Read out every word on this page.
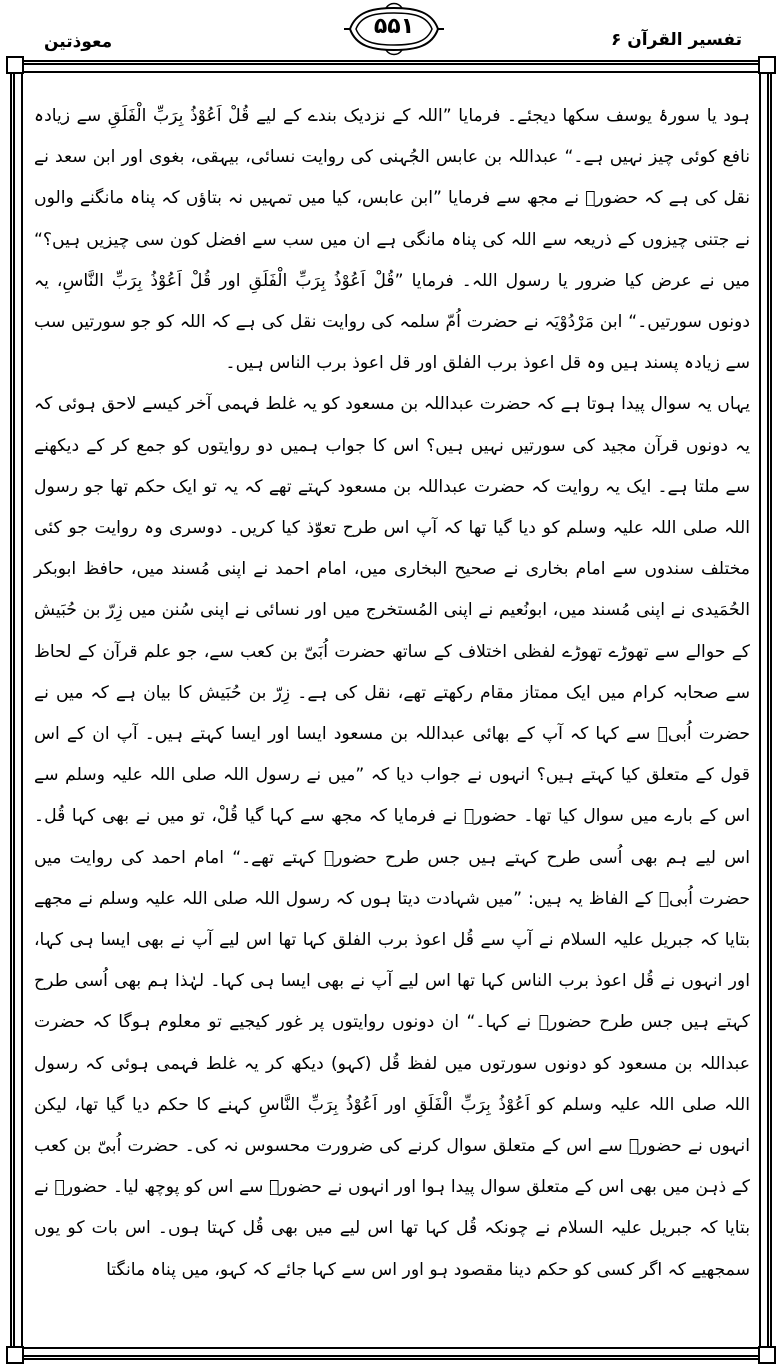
معوذتین
۵۵۱
تفسیر القرآن ۶

ہود یا سورۂ یوسف سکھا دیجئے۔ فرمایا ”اللہ کے نزدیک بندے کے لیے قُلْ اَعُوْذُ بِرَبِّ الْفَلَقِ سے زیادہ نافع کوئی چیز نہیں ہے۔“ عبداللہ بن عابس الجُہنی کی روایت نسائی، بیہقی، بغوی اور ابن سعد نے نقل کی ہے کہ حضورؐ نے مجھ سے فرمایا ”ابن عابس، کیا میں تمہیں نہ بتاؤں کہ پناہ مانگنے والوں نے جتنی چیزوں کے ذریعہ سے اللہ کی پناہ مانگی ہے ان میں سب سے افضل کون سی چیزیں ہیں؟“ میں نے عرض کیا ضرور یا رسول اللہ۔ فرمایا ”قُلْ اَعُوْذُ بِرَبِّ الْفَلَقِ اور قُلْ اَعُوْذُ بِرَبِّ النَّاسِ، یہ دونوں سورتیں۔“ ابن مَرْدُوْیَہ نے حضرت اُمّ سلمہ کی روایت نقل کی ہے کہ اللہ کو جو سورتیں سب سے زیادہ پسند ہیں وہ قل اعوذ برب الفلق اور قل اعوذ برب الناس ہیں۔

یہاں یہ سوال پیدا ہوتا ہے کہ حضرت عبداللہ بن مسعود کو یہ غلط فہمی آخر کیسے لاحق ہوئی کہ یہ دونوں قرآن مجید کی سورتیں نہیں ہیں؟ اس کا جواب ہمیں دو روایتوں کو جمع کر کے دیکھنے سے ملتا ہے۔ ایک یہ روایت کہ حضرت عبداللہ بن مسعود کہتے تھے کہ یہ تو ایک حکم تھا جو رسول اللہ صلی اللہ علیہ وسلم کو دیا گیا تھا کہ آپ اس طرح تعوّذ کیا کریں۔ دوسری وہ روایت جو کئی مختلف سندوں سے امام بخاری نے صحیح البخاری میں، امام احمد نے اپنی مُسند میں، حافظ ابوبکر الحُمَیدی نے اپنی مُسند میں، ابونُعیم نے اپنی المُستخرج میں اور نسائی نے اپنی سُنن میں زِرّ بن حُبَیش کے حوالے سے تھوڑے تھوڑے لفظی اختلاف کے ساتھ حضرت اُبَیّ بن کعب سے، جو علم قرآن کے لحاظ سے صحابہ کرام میں ایک ممتاز مقام رکھتے تھے، نقل کی ہے۔ زِرّ بن حُبَیش کا بیان ہے کہ میں نے حضرت اُبیؓ سے کہا کہ آپ کے بھائی عبداللہ بن مسعود ایسا اور ایسا کہتے ہیں۔ آپ ان کے اس قول کے متعلق کیا کہتے ہیں؟ انہوں نے جواب دیا کہ ”میں نے رسول اللہ صلی اللہ علیہ وسلم سے اس کے بارے میں سوال کیا تھا۔ حضورؐ نے فرمایا کہ مجھ سے کہا گیا قُلْ، تو میں نے بھی کہا قُل۔ اس لیے ہم بھی اُسی طرح کہتے ہیں جس طرح حضورؐ کہتے تھے۔“ امام احمد کی روایت میں حضرت اُبیؓ کے الفاظ یہ ہیں: ”میں شہادت دیتا ہوں کہ رسول اللہ صلی اللہ علیہ وسلم نے مجھے بتایا کہ جبریل علیہ السلام نے آپ سے قُل اعوذ برب الفلق کہا تھا اس لیے آپ نے بھی ایسا ہی کہا، اور انہوں نے قُل اعوذ برب الناس کہا تھا اس لیے آپ نے بھی ایسا ہی کہا۔ لہٰذا ہم بھی اُسی طرح کہتے ہیں جس طرح حضورؐ نے کہا۔“ ان دونوں روایتوں پر غور کیجیے تو معلوم ہوگا کہ حضرت عبداللہ بن مسعود کو دونوں سورتوں میں لفظ قُل (کہو) دیکھ کر یہ غلط فہمی ہوئی کہ رسول اللہ صلی اللہ علیہ وسلم کو اَعُوْذُ بِرَبِّ الْفَلَقِ اور اَعُوْذُ بِرَبِّ النَّاسِ کہنے کا حکم دیا گیا تھا، لیکن انہوں نے حضورؐ سے اس کے متعلق سوال کرنے کی ضرورت محسوس نہ کی۔ حضرت اُبیّ بن کعب کے ذہن میں بھی اس کے متعلق سوال پیدا ہوا اور انہوں نے حضورؐ سے اس کو پوچھ لیا۔ حضورؐ نے بتایا کہ جبریل علیہ السلام نے چونکہ قُل کہا تھا اس لیے میں بھی قُل کہتا ہوں۔ اس بات کو یوں سمجھیے کہ اگر کسی کو حکم دینا مقصود ہو اور اس سے کہا جائے کہ کہو، میں پناہ مانگتا
